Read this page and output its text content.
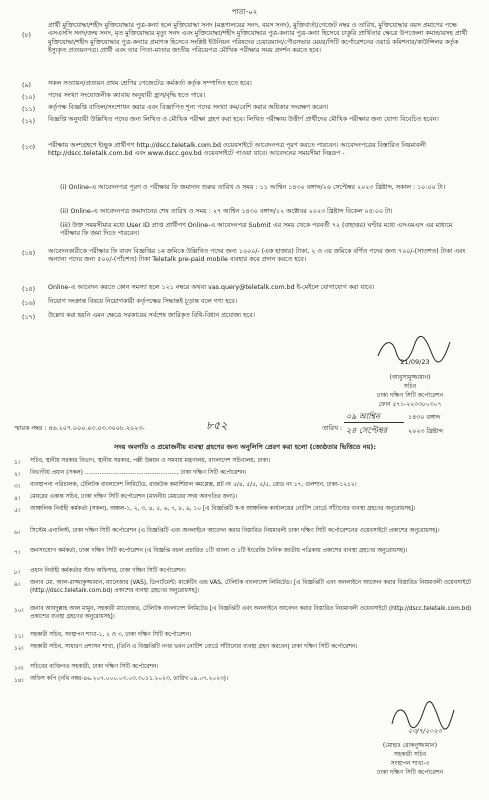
পাতা-০২
(৮)
প্রার্থী মুক্তিযোদ্ধা/শহীদ মুক্তিযোদ্ধার পুত্র-কন্যা হলে মুক্তিযোদ্ধা সনদ (মন্ত্রণালয়ের সনদ, বয়স সনদ), মুক্তিবার্তা/গেজেট নম্বর ও তারিখ, মুক্তিযোদ্ধার বয়স প্রমাণের পক্ষে এসএসসি সনদ/জন্ম সনদ, মৃত মুক্তিযোদ্ধার মৃত্যু সনদ এবং মুক্তিযোদ্ধা/শহীদ মুক্তিযোদ্ধার পুত্র-কন্যার পুত্র-কন্যা হিসেবে চাকুরি প্রার্থিতার ক্ষেত্রে উপজেলা কমান্ডারসহ প্রার্থী মুক্তিযোদ্ধা/শহীদ মুক্তিযোদ্ধার পুত্র-কন্যার প্রমাণক হিসেবে সংশ্লিষ্ট ইউনিয়ন পরিষদের চেয়ারম্যান/পৌরসভার মেয়র/সিটি কর্পোরেশনের ওয়ার্ড কমিশনার/কাউন্সিলর কর্তৃক ইস্যুকৃত প্রত্যয়নপত্র। প্রার্থী এবং তার পিতা-মাতার জাতীয় পরিচয়পত্র মৌখিক পরীক্ষার সময় প্রদর্শন করতে হবে।
(৯)	সকল সত্যায়ন/প্রত্যয়ন প্রথম শ্রেণির গেজেটেড কর্মকর্তা কর্তৃক সম্পাদিত হতে হবে।
(১০)	পদের সংখ্যা সংযোজনীক ক্যাবায় অনুযায়ী হ্রাস/বৃদ্ধি হতে পারে।
(১১)	কর্তৃপক্ষ বিজ্ঞপ্তি বাতিল/সংশোধন করার এবং বিজ্ঞাপিত শূন্য পদের সংখ্যা কম/বেশি করার অধিকার সংরক্ষণ করেন।
(১২)	বিজ্ঞপ্তি অনুযায়ী উল্লিখিত পদের জন্য লিখিত ও মৌখিক পরীক্ষা গ্রহণ করা হবে। লিখিত পরীক্ষায় উত্তীর্ণ প্রার্থীদের মৌখিক পরীক্ষার জন্য যোগ্য বিবেচিত হবেন।
(১৩)	পরীক্ষায় অংশগ্রহণে ইচ্ছুক প্রার্থীগণ http://dscc.teletalk.com.bd ওয়েবসাইটে আবেদনপত্র পূরণ করতে পারবেন। আবেদনপত্রের বিস্তারিত নিয়মাবলী http://dscc.teletalk.com.bd এবং www.dscc.gov.bd ওয়েবসাইটে পাওয়া যাবে। আবেদনের সময়সীমা নিম্নরূপ -
(i) Online-এ আবেদনপত্র পূরণ ও পরীক্ষার ফি জমাদান শুরুর তারিখ ও সময় : ১১ আশ্বিন ১৪৩০ বঙ্গাব্দ/২৬ সেপ্টেম্বর ২০২৩ খ্রিষ্টাব্দ, সকাল : ১০:০০ টা।
(ii) Online-এ আবেদনপত্র জমাদানের শেষ তারিখ ও সময় : ২৭ আশ্বিন ১৪৩০ বঙ্গাব্দ/১২ অক্টোবর ২০২৩ খ্রিষ্টাব্দ বিকেল ০৫:০০ টা।
(iii) উক্ত সময়সীমার মধ্যে User ID প্রাপ্ত প্রার্থীগণ Online-এ আবেদনপত্র Submit এর সময় থেকে পরবর্তী ৭২ (বাহাত্তর) ঘণ্টার মধ্যে এসএমএস এর মাধ্যমে পরীক্ষার ফি জমা দিতে পারবেন।
(১৪)	আবেদনকারীকে পরীক্ষার ফি বাবদ বিজ্ঞপ্তির ১ম ক্রমিকে উল্লিখিত পদের জন্য ১০০০/- (এক হাজার) টাকা, ২ ও ৩য় ক্রমিকে বর্ণিত পদের জন্য ৭০০/-(সাতশত) টাকা এবং অন্যান্য পদের জন্য ৫০০/-(পাঁচশত) টাকা Teletalk pre-paid mobile ব্যবহার করে প্রদান করতে হবে।
(১৫)	Online-এ আবেদন করতে কোন সমস্যা হলে ১২১ নম্বরে অথবা vas.query@teletalk.com.bd ই-মেইলে যোগাযোগ করা যাবে।
(১৬)	নিয়োগ সংক্রান্ত বিষয়ে নিয়োগকারী কর্তৃপক্ষের সিদ্ধান্তই চূড়ান্ত বলে গণ্য হবে।
(১৭)	উল্লেখ করা হয়নি এমন ক্ষেত্রে সরকারের সর্বশেষ জারিকৃত বিধি-বিধান প্রযোজ্য হবে।
21/09/23
(আবুসামুজ্জামান)
সচিব
ঢাকা দক্ষিণ সিটি কর্পোরেশন
ফোন ৫৭১-২২৩৩৮০৩০৭
স্মারক নম্বর : ৪৬.২০৭.০০০.০৩.০৩.৩০০৮.২০২৩-	৮৫২	তারিখ :
০৯ আশ্বিন	১৪৩০ বঙ্গাব্দ
২৪ সেপ্টেম্বর	২০২৩ খ্রিষ্টাব্দ
সদয় অবগতি ও প্রয়োজনীয় ব্যবস্থা গ্রহণের জন্য অনুলিপি প্রেরণ করা হলো (জ্যেষ্ঠতার ভিত্তিতে নয়):
১।	সচিব, স্থানীয় সরকার বিভাগ, স্থানীয় সরকার, পল্লী উন্নয়ন ও সমবায় মন্ত্রণালয়, বাংলাদেশ সচিবালয়, ঢাকা।
২।	বিভাগীয় প্রধান (সকল) .................................................., ঢাকা দক্ষিণ সিটি কর্পোরেশন।
৩।	ব্যবস্থাপনা পরিচালক, টেলিটক বাংলাদেশ লিমিটেড, রাজউক কমার্শিয়াল কমপ্লেক্স, প্লট নং ৫/৪, ৫/৫, ৫/৫, রোড নং ১৭, গুলশান, ঢাকা-১২১২।
৪।	মেয়রের একান্ত সচিব, ঢাকা দক্ষিণ সিটি কর্পোরেশন (মাননীয় মেয়রের সদয় অবগতির জন্য)।
৫।	আঞ্চলিক নির্বাহী কর্মকর্তা (সকল), অঞ্চল-১, ২, ৩, ৪, ৫, ৬, ৭, ৮, ৯, ১০ [এ বিজ্ঞপ্তিটি স্ব-স্ব আঞ্চলিক কার্যালয়ের নোটিশ বোর্ডে সাঁটানোর ব্যবস্থা গ্রহণের অনুরোধসহ]।
৬।	সিস্টেম এনালিস্ট, ঢাকা দক্ষিণ সিটি কর্পোরেশন (এ বিজ্ঞপ্তিটি এবং অনলাইনে আবেদন করার বিস্তারিত নিয়মাবলী ঢাকা দক্ষিণ সিটি কর্পোরেশনের ওয়েবসাইটে প্রকাশের অনুরোধসহ)।
৭।	জনসংযোগ কর্মকর্তা, ঢাকা দক্ষিণ সিটি কর্পোরেশন (এ বিজ্ঞপ্তি বহুল প্রচারিত ১টি বাংলা ও ১টি ইংরেজি দৈনিক জাতীয় পত্রিকায় প্রকাশের ব্যবস্থা গ্রহণের অনুরোধসহ)।
৮।	প্রধান নির্বাহী কর্মকর্তার স্টাফ অফিসার, ঢাকা দক্ষিণ সিটি কর্পোরেশন।
৯।	জনাব মো. আল-রাজ্জাকুজ্জামান, ম্যানেজার (VAS), ডিপার্টমেন্ট: মার্কেটিং এন্ড VAS, টেলিটক বাংলাদেশ লিমিটেড। [এ বিজ্ঞপ্তিটি এবং অনলাইনে আবেদন করার বিস্তারিত নিয়মাবলী ওয়েবসাইটে (http://dscc.teletalk.com.bd) প্রকাশের ব্যবস্থা গ্রহণের অনুরোধসহ]।
১০।	জনাব আবদুল্লাহ আল মামুন, সহকারী ম্যানেজার, টেলিটক বাংলাদেশ লিমিটেড [এ বিজ্ঞপ্তিটি এবং অনলাইনে আবেদন করার বিস্তারিত নিয়মাবলী ওয়েবসাইটে (http://dscc.teletalk.com.bd) প্রকাশের ব্যবস্থা গ্রহণের অনুরোধসহ]।
১১।	সহকারী সচিব, সংস্থাপন শাখা-১, ২ ও ৩, ঢাকা দক্ষিণ সিটি কর্পোরেশন।
১২।	সহকারী সচিব, সাধারণ প্রশাসন শাখা, (তিনি এ বিজ্ঞপ্তিটি নগর ভবন নোটিশ বোর্ডে সাঁটানোর ব্যবস্থা গ্রহণ করবেন) ঢাকা দক্ষিণ সিটি কর্পোরেশন।
১৩।	সচিবের ব্যক্তিগত সহকারী, ঢাকা দক্ষিণ সিটি কর্পোরেশন।
১৪।	অফিস কপি (নথি নম্বর-৪৬.২০৭.০০০.০৩.০৩.৩০১১.২০২৩, তারিখ ০৯.০৭.২০২৩)।
২৩/৭/২০২৩
(মোহাঃ রোকনুজ্জামান)
সহকারী সচিব
সংস্থাপন শাখা-৩
ঢাকা দক্ষিণ সিটি কর্পোরেশন
